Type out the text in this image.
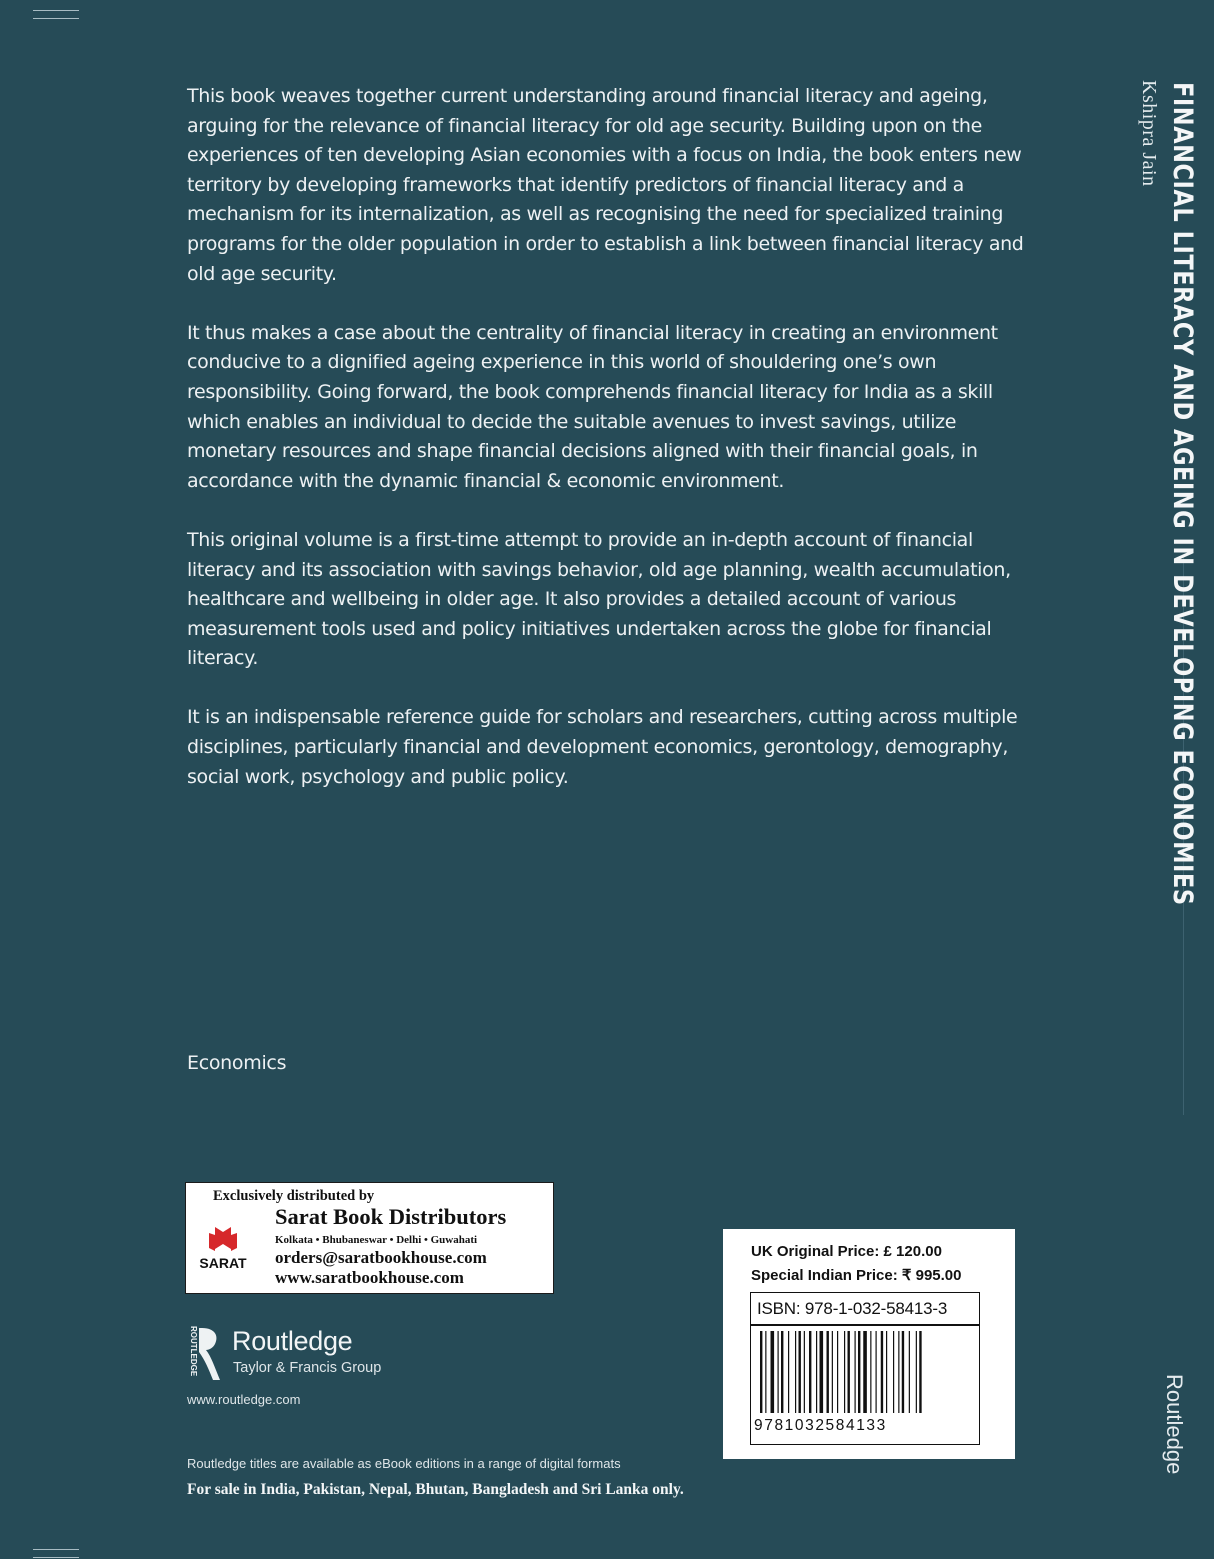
This book weaves together current understanding around financial literacy and ageing, arguing for the relevance of financial literacy for old age security. Building upon on the experiences of ten developing Asian economies with a focus on India, the book enters new territory by developing frameworks that identify predictors of financial literacy and a mechanism for its internalization, as well as recognising the need for specialized training programs for the older population in order to establish a link between financial literacy and old age security.

It thus makes a case about the centrality of financial literacy in creating an environment conducive to a dignified ageing experience in this world of shouldering one’s own responsibility. Going forward, the book comprehends financial literacy for India as a skill which enables an individual to decide the suitable avenues to invest savings, utilize monetary resources and shape financial decisions aligned with their financial goals, in accordance with the dynamic financial & economic environment.

This original volume is a first-time attempt to provide an in-depth account of financial literacy and its association with savings behavior, old age planning, wealth accumulation, healthcare and wellbeing in older age. It also provides a detailed account of various measurement tools used and policy initiatives undertaken across the globe for financial literacy.

It is an indispensable reference guide for scholars and researchers, cutting across multiple disciplines, particularly financial and development economics, gerontology, demography, social work, psychology and public policy.

Economics
Exclusively distributed by
SARAT
Sarat Book Distributors
Kolkata • Bhubaneswar • Delhi • Guwahati
orders@saratbookhouse.com
www.saratbookhouse.com
ROUTLEDGE Routledge
Taylor & Francis Group
www.routledge.com
Routledge titles are available as eBook editions in a range of digital formats
For sale in India, Pakistan, Nepal, Bhutan, Bangladesh and Sri Lanka only.
UK Original Price: £ 120.00
Special Indian Price: ₹ 995.00
ISBN: 978-1-032-58413-3
9781032584133
FINANCIAL LITERACY AND AGEING IN DEVELOPING ECONOMIES
Kshipra Jain
Routledge
